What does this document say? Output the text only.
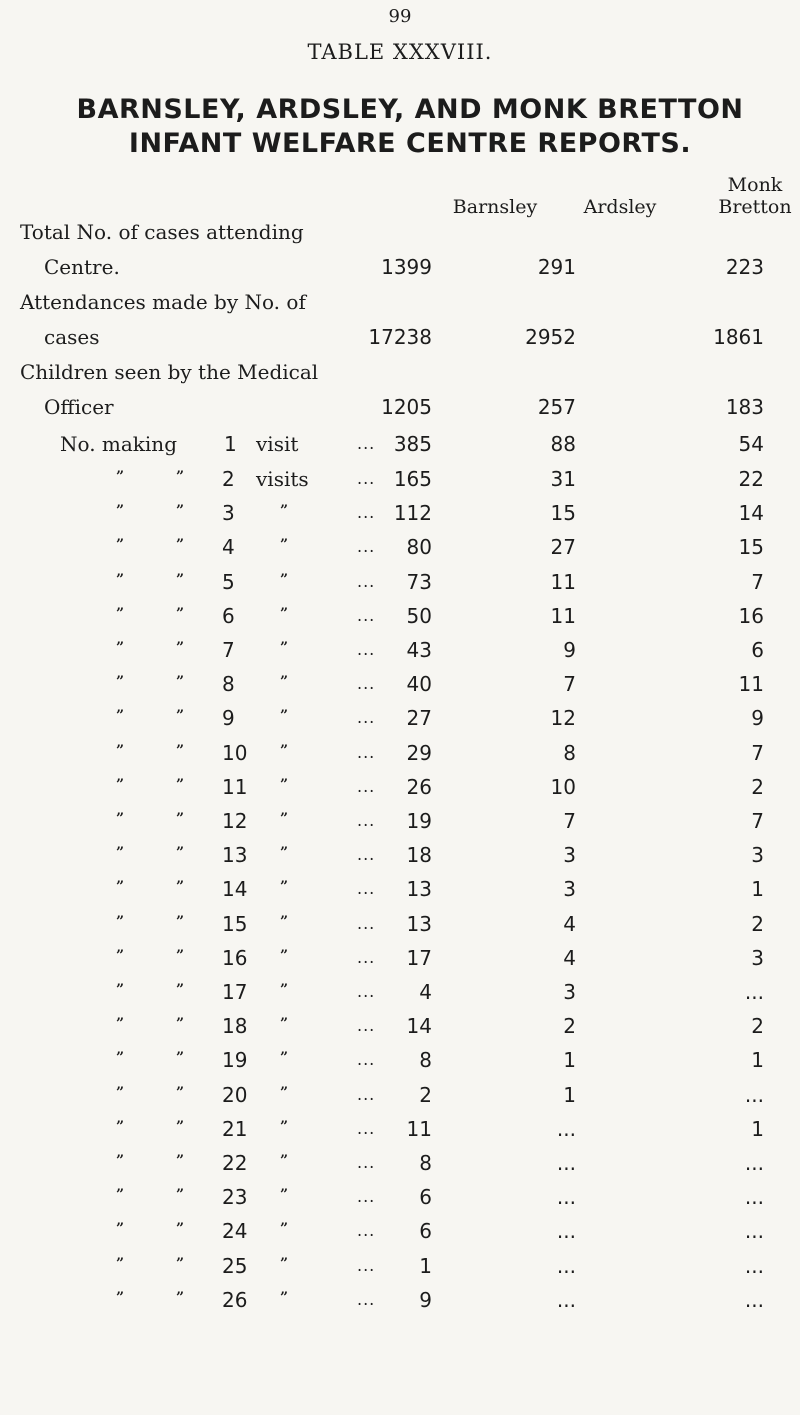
99
TABLE XXXVIII.
BARNSLEY, ARDSLEY, AND MONK BRETTON
INFANT WELFARE CENTRE REPORTS.
Barnsley	Ardsley
Monk
Bretton
Total No. of cases attending
Centre.	1399	291	223
Attendances made by No. of
cases	17238	2952	1861
Children seen by the Medical
Officer	1205	257	183
No. making 1 visit	... 385	88	54
”	” 2 visits	... 165	31	22
”	” 3	”	... 112	15	14
”	” 4	”	... 80	27	15
”	” 5	”	... 73	11	7
”	” 6	”	... 50	11	16
”	” 7	”	... 43	9	6
”	” 8	”	... 40	7	11
”	” 9	”	... 27	12	9
”	” 10 ”	... 29	8	7
”	” 11 ”	... 26	10	2
”	” 12 ”	... 19	7	7
”	” 13 ”	... 18	3	3
”	” 14 ”	... 13	3	1
”	” 15 ”	... 13	4	2
”	” 16 ”	... 17	4	3
”	” 17 ”	... 4	3	...
”	” 18 ”	... 14	2	2
”	” 19 ”	... 8	1	1
”	” 20 ”	... 2	1	...
”	” 21 ”	... 11	...	1
”	” 22 ”	... 8	...	...
”	” 23 ”	... 6	...	...
”	” 24 ”	... 6	...	...
”	” 25 ”	... 1	...	...
”	” 26 ”	... 9	...	...
